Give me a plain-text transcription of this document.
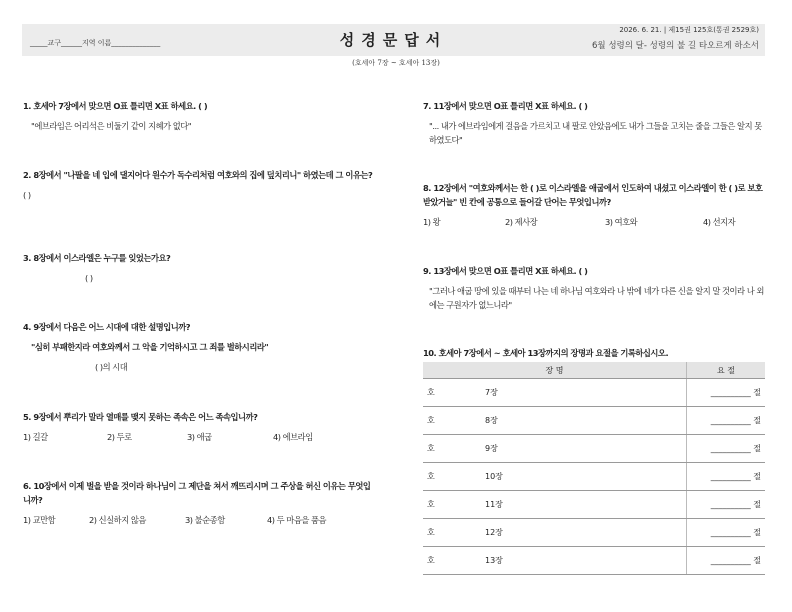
_____교구______지역 이름______________	성경문답서
2026. 6. 21. | 제15권 125호(통권 2529호)
6월 성령의 달- 성령의 불 길 타오르게 하소서
(호세아 7장 ~ 호세아 13장)
1. 호세아 7장에서 맞으면 O표 틀리면 X표 하세요. ( )
"에브라임은 어리석은 비둘기 같이 지혜가 없다"
2. 8장에서 "나팔을 네 입에 댈지어다 원수가 독수리처럼 여호와의 집에 덮치리니" 하였는데 그 이유는?
( )
3. 8장에서 이스라엘은 누구를 잊었는가요?
( )
4. 9장에서 다음은 어느 시대에 대한 설명입니까?
"심히 부패한지라 여호와께서 그 악을 기억하시고 그 죄를 벌하시리라"
( )의 시대
5. 9장에서 뿌리가 말라 열매를 맺지 못하는 족속은 어느 족속입니까?
1) 길갈	2) 두로	3) 애굽	4) 에브라임
6. 10장에서 이제 벌을 받을 것이라 하나님이 그 제단을 쳐서 깨뜨리시며 그 주상을 허신 이유는 무엇입니까?
1) 교만함	2) 신실하지 않음	3) 불순종함	4) 두 마음을 품음
7. 11장에서 맞으면 O표 틀리면 X표 하세요. ( )
"... 내가 에브라임에게 걸음을 가르치고 내 팔로 안았음에도 내가 그들을 고치는 줄을 그들은 알지 못하였도다"
8. 12장에서 "여호와께서는 한 ( )로 이스라엘을 애굽에서 인도하여 내셨고 이스라엘이 한 ( )로 보호 받았거늘" 빈 칸에 공통으로 들어갈 단어는 무엇입니까?
1) 왕	2) 제사장	3) 여호와	4) 선지자
9. 13장에서 맞으면 O표 틀리면 X표 하세요. ( )
"그러나 애굽 땅에 있을 때부터 나는 네 하나님 여호와라 나 밖에 네가 다른 신을 알지 말 것이라 나 외에는 구원자가 없느니라"
10. 호세아 7장에서 ~ 호세아 13장까지의 장명과 요절을 기록하십시오.
장 명		요 절
호	7장	__________ 절
호	8장	__________ 절
호	9장	__________ 절
호	10장	__________ 절
호	11장	__________ 절
호	12장	__________ 절
호	13장	__________ 절
